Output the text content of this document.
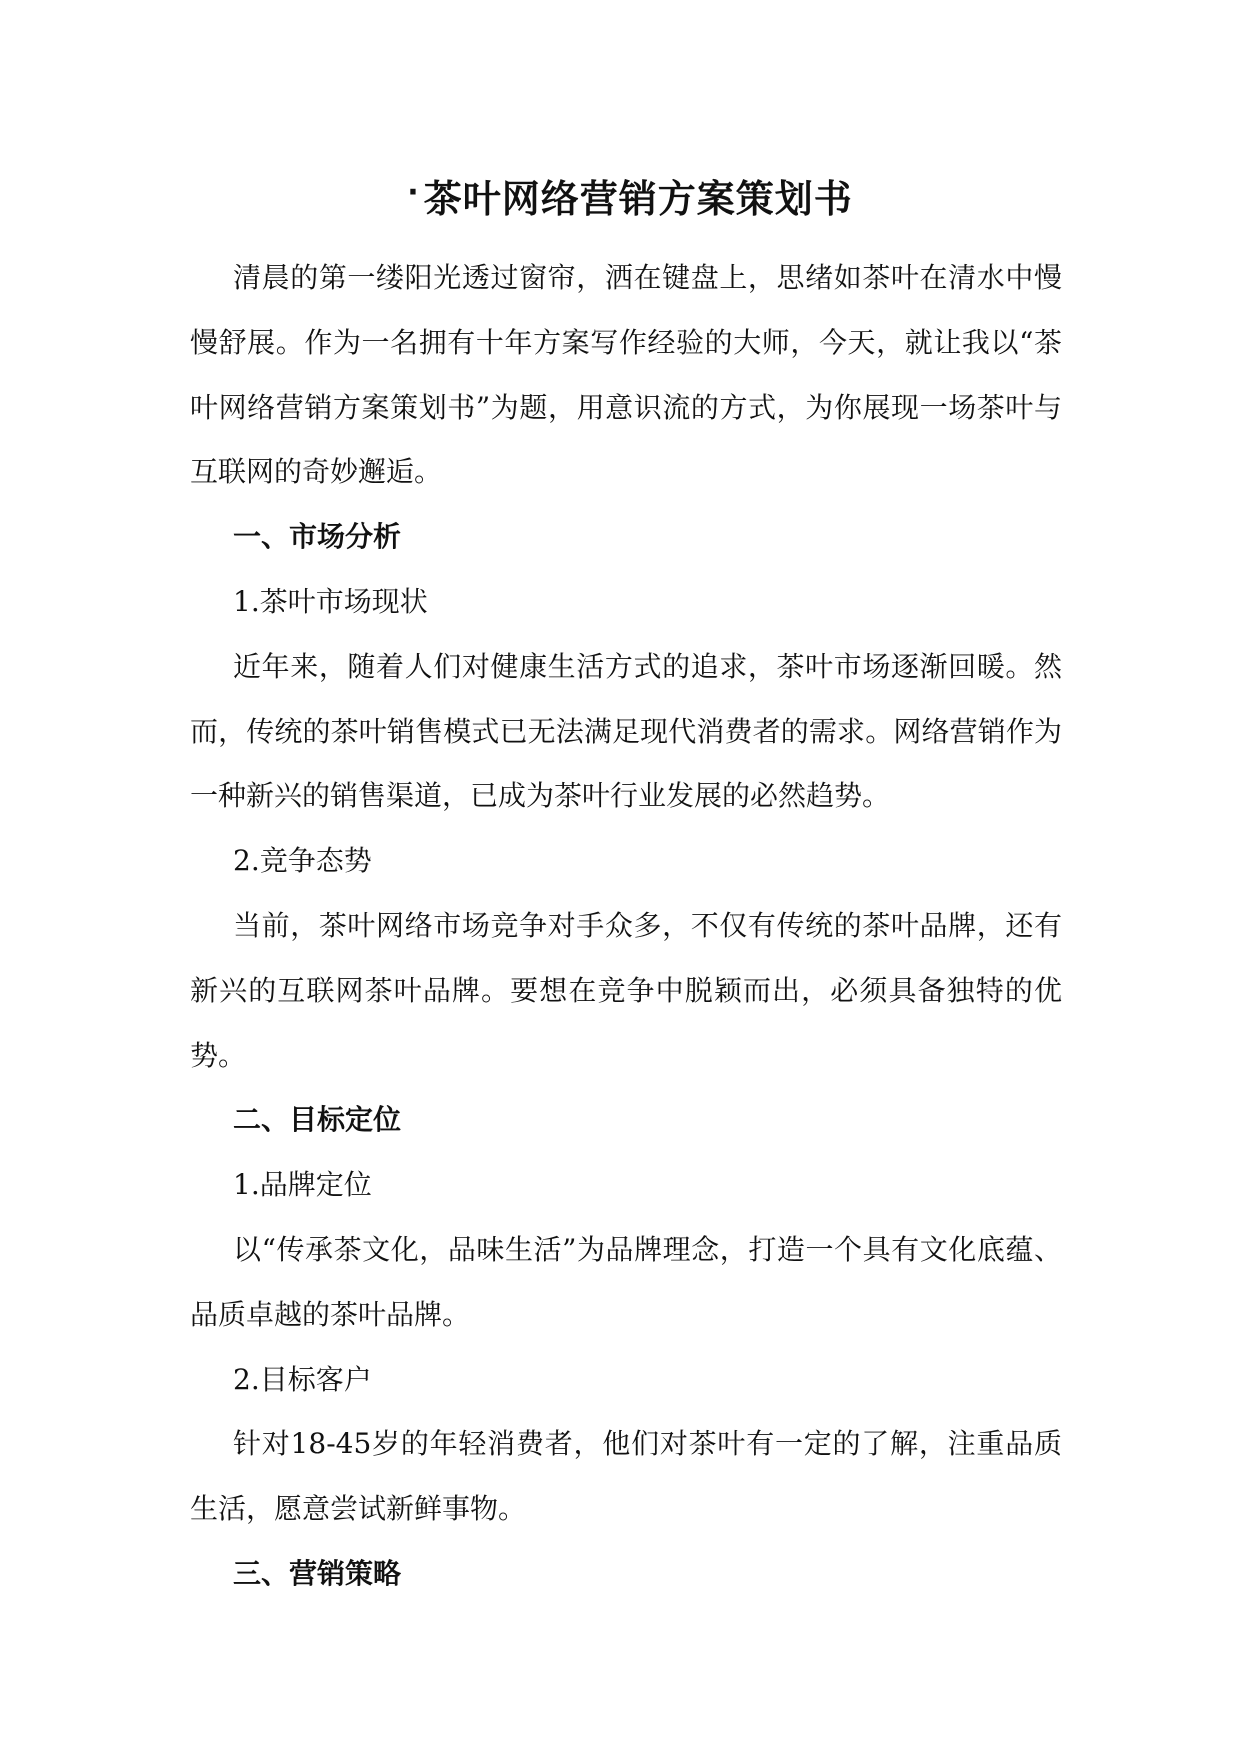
· 茶叶网络营销方案策划书

清晨的第一缕阳光透过窗帘，洒在键盘上，思绪如茶叶在清水中慢慢舒展。作为一名拥有十年方案写作经验的大师，今天，就让我以“茶叶网络营销方案策划书”为题，用意识流的方式，为你展现一场茶叶与互联网的奇妙邂逅。

一、市场分析

1.茶叶市场现状

近年来，随着人们对健康生活方式的追求，茶叶市场逐渐回暖。然而，传统的茶叶销售模式已无法满足现代消费者的需求。网络营销作为一种新兴的销售渠道，已成为茶叶行业发展的必然趋势。

2.竞争态势

当前，茶叶网络市场竞争对手众多，不仅有传统的茶叶品牌，还有新兴的互联网茶叶品牌。要想在竞争中脱颖而出，必须具备独特的优势。

二、目标定位

1.品牌定位

以“传承茶文化，品味生活”为品牌理念，打造一个具有文化底蕴、品质卓越的茶叶品牌。

2.目标客户

针对18-45岁的年轻消费者，他们对茶叶有一定的了解，注重品质生活，愿意尝试新鲜事物。

三、营销策略
